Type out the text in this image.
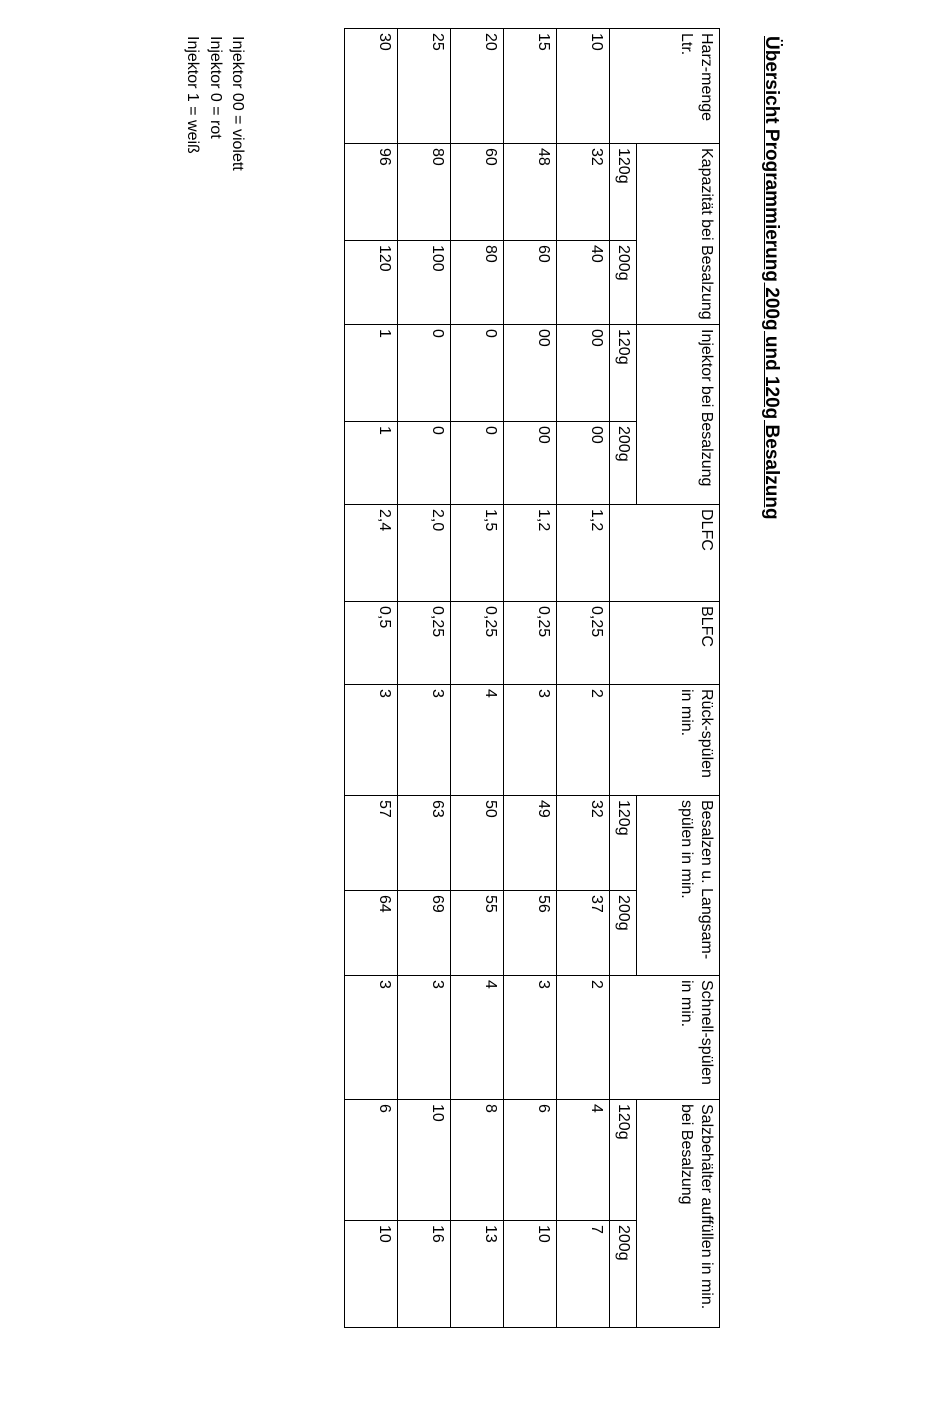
Übersicht Programmierung 200g und 120g Besalzung
Harz-menge Ltr.	Kapazität bei Besalzung		Injektor bei Besalzung		DLFC	BLFC	Rück-spülen in min.	Besalzen u. Langsam-spülen in min.		Schnell-spülen in min.	Salzbehälter auffüllen in min. bei Besalzung	
	120g	200g	120g	200g				120g	200g		120g	200g
10	32	40	00	00	1,2	0,25	2	32	37	2	4	7
15	48	60	00	00	1,2	0,25	3	49	56	3	6	10
20	60	80	0	0	1,5	0,25	4	50	55	4	8	13
25	80	100	0	0	2,0	0,25	3	63	69	3	10	16
30	96	120	1	1	2,4	0,5	3	57	64	3	6	10
Injektor 00 = violett
Injektor 0 = rot
Injektor 1 = weiß
